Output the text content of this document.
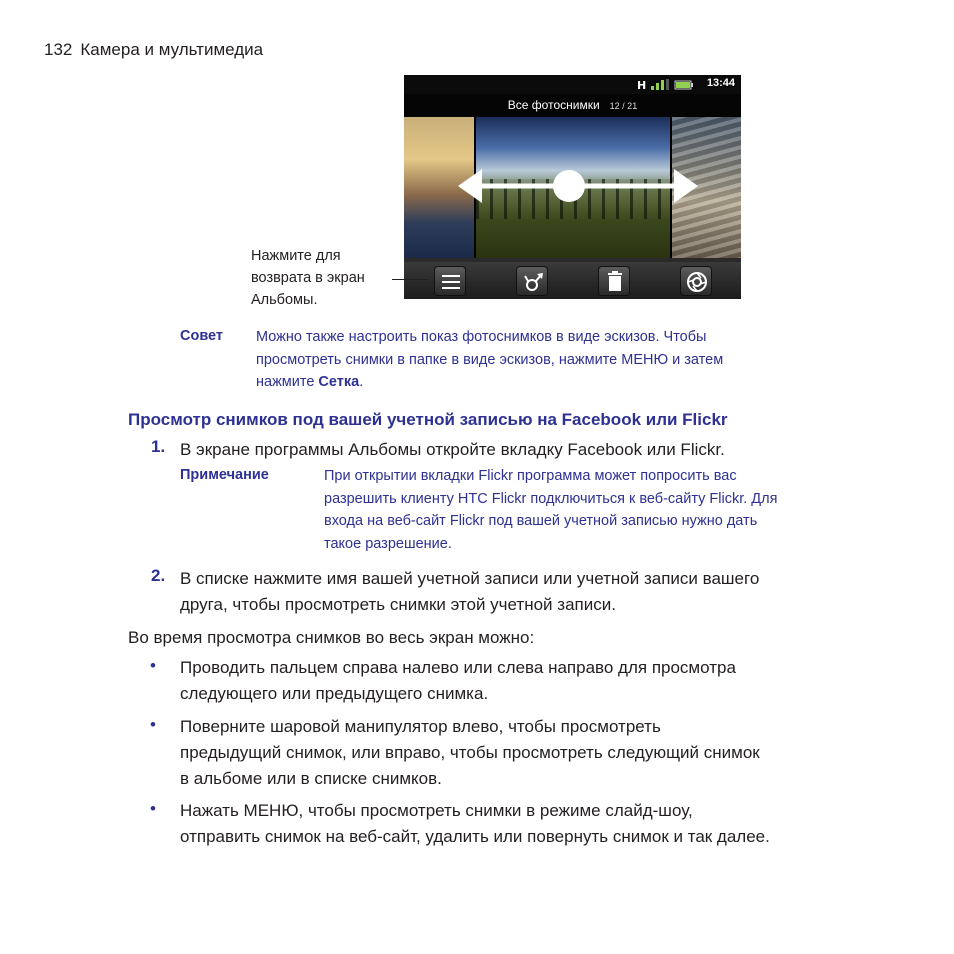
132 Камера и мультимедиа
H	13:44
Все фотоснимки 12 / 21
Нажмите для
возврата в экран
Альбомы.
Совет Можно также настроить показ фотоснимков в виде эскизов. Чтобы
просмотреть снимки в папке в виде эскизов, нажмите МЕНЮ и затем
нажмите Сетка.
Просмотр снимков под вашей учетной записью на Facebook или Flickr
1. В экране программы Альбомы откройте вкладку Facebook или Flickr.
Примечание	При открытии вкладки Flickr программа может попросить вас
разрешить клиенту HTC Flickr подключиться к веб-сайту Flickr. Для
входа на веб-сайт Flickr под вашей учетной записью нужно дать
такое разрешение.
2. В списке нажмите имя вашей учетной записи или учетной записи вашего
друга, чтобы просмотреть снимки этой учетной записи.
Во время просмотра снимков во весь экран можно:
• Проводить пальцем справа налево или слева направо для просмотра
следующего или предыдущего снимка.
• Поверните шаровой манипулятор влево, чтобы просмотреть
предыдущий снимок, или вправо, чтобы просмотреть следующий снимок
в альбоме или в списке снимков.
• Нажать МЕНЮ, чтобы просмотреть снимки в режиме слайд-шоу,
отправить снимок на веб-сайт, удалить или повернуть снимок и так далее.
